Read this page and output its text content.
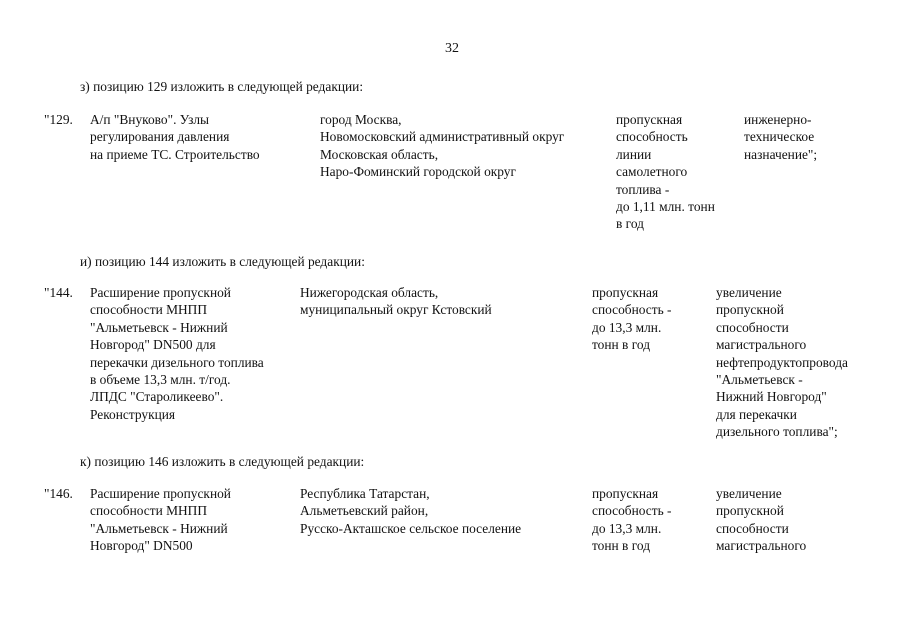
32
з) позицию 129 изложить в следующей редакции:
"129. А/п "Внуково". Узлы
регулирования давления
на приеме ТС. Строительство
город Москва,
Новомосковский административный округ
Московская область,
Наро-Фоминский городской округ
пропускная
способность
линии
самолетного
топлива -
до 1,11 млн. тонн
в год
инженерно-
техническое
назначение";
и) позицию 144 изложить в следующей редакции:
"144. Расширение пропускной
способности МНПП
"Альметьевск - Нижний
Новгород" DN500 для
перекачки дизельного топлива
в объеме 13,3 млн. т/год.
ЛПДС "Староликеево".
Реконструкция
Нижегородская область,
муниципальный округ Кстовский
пропускная
способность -
до 13,3 млн.
тонн в год
увеличение
пропускной
способности
магистрального
нефтепродуктопровода
"Альметьевск -
Нижний Новгород"
для перекачки
дизельного топлива";
к) позицию 146 изложить в следующей редакции:
"146. Расширение пропускной
способности МНПП
"Альметьевск - Нижний
Новгород" DN500
Республика Татарстан,
Альметьевский район,
Русско-Акташское сельское поселение
пропускная
способность -
до 13,3 млн.
тонн в год
увеличение
пропускной
способности
магистрального
